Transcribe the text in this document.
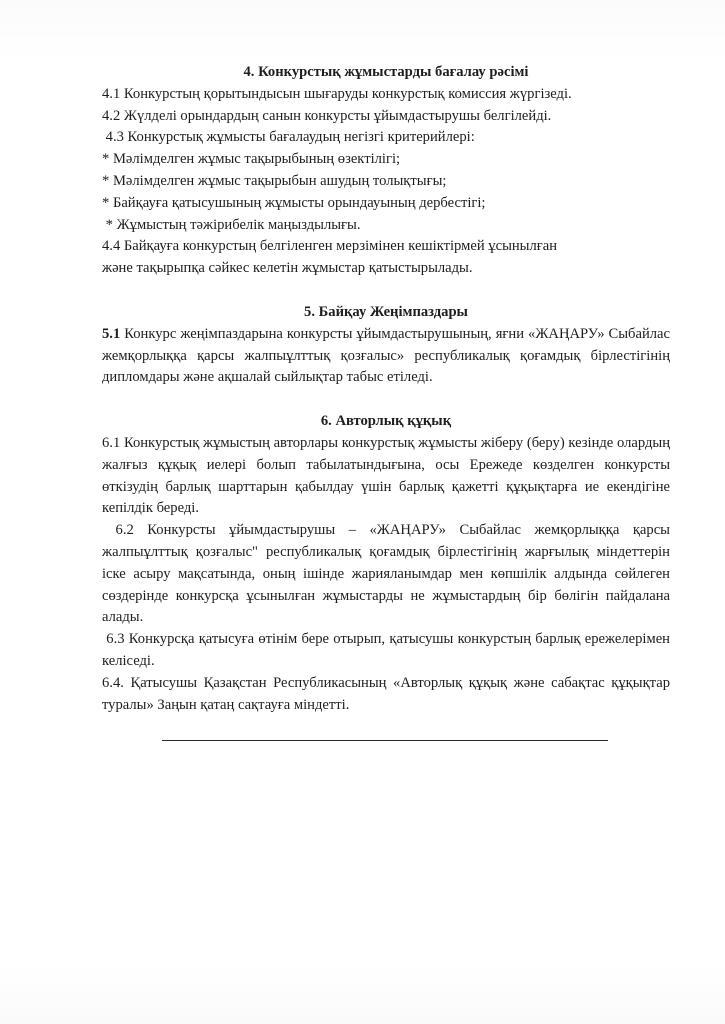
4. Конкурстық жұмыстарды бағалау рәсімі

4.1 Конкурстың қорытындысын шығаруды конкурстық комиссия жүргізеді.

4.2 Жүлделі орындардың санын конкурсты ұйымдастырушы белгілейді.

4.3 Конкурстық жұмысты бағалаудың негізгі критерийлері:

* Мәлімделген жұмыс тақырыбының өзектілігі;

* Мәлімделген жұмыс тақырыбын ашудың толықтығы;

* Байқауға қатысушының жұмысты орындауының дербестігі;

* Жұмыстың тәжірибелік маңыздылығы.

4.4 Байқауға конкурстың белгіленген мерзімінен кешіктірмей ұсынылған

және тақырыпқа сәйкес келетін жұмыстар қатыстырылады.

5. Байқау Жеңімпаздары

5.1 Конкурс жеңімпаздарына конкурсты ұйымдастырушының, яғни «ЖАҢАРУ» Сыбайлас жемқорлыққа қарсы жалпыұлттық қозғалыс» республикалық қоғамдық бірлестігінің дипломдары және ақшалай сыйлықтар табыс етіледі.

6. Авторлық құқық

6.1 Конкурстық жұмыстың авторлары конкурстық жұмысты жіберу (беру) кезінде олардың жалғыз құқық иелері болып табылатындығына, осы Ережеде көзделген конкурсты өткізудің барлық шарттарын қабылдау үшін барлық қажетті құқықтарға ие екендігіне кепілдік береді.

6.2 Конкурсты ұйымдастырушы – «ЖАҢАРУ» Сыбайлас жемқорлыққа қарсы жалпыұлттық қозғалыс" республикалық қоғамдық бірлестігінің жарғылық міндеттерін іске асыру мақсатында, оның ішінде жарияланымдар мен көпшілік алдында сөйлеген сөздерінде конкурсқа ұсынылған жұмыстарды не жұмыстардың бір бөлігін пайдалана алады.

6.3 Конкурсқа қатысуға өтінім бере отырып, қатысушы конкурстың барлық ережелерімен келіседі.

6.4. Қатысушы Қазақстан Республикасының «Авторлық құқық және сабақтас құқықтар туралы» Заңын қатаң сақтауға міндетті.
